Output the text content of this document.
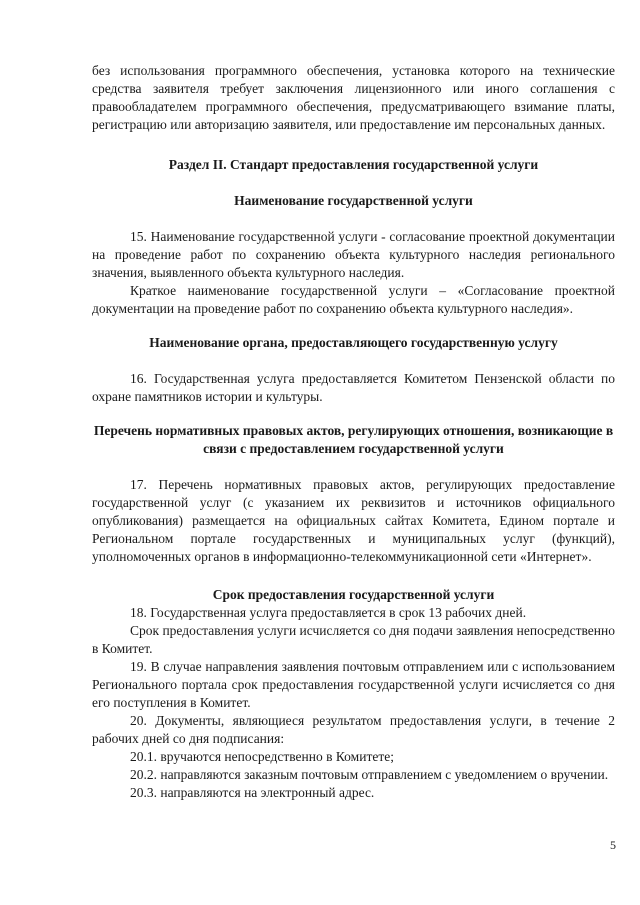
без использования программного обеспечения, установка которого на технические средства заявителя требует заключения лицензионного или иного соглашения с правообладателем программного обеспечения, предусматривающего взимание платы, регистрацию или авторизацию заявителя, или предоставление им персональных данных.

Раздел II. Стандарт предоставления государственной услуги

Наименование государственной услуги

15. Наименование государственной услуги - согласование проектной документации на проведение работ по сохранению объекта культурного наследия регионального значения, выявленного объекта культурного наследия.

Краткое наименование государственной услуги – «Согласование проектной документации на проведение работ по сохранению объекта культурного наследия».

Наименование органа, предоставляющего государственную услугу

16. Государственная услуга предоставляется Комитетом Пензенской области по охране памятников истории и культуры.

Перечень нормативных правовых актов, регулирующих отношения, возникающие в связи с предоставлением государственной услуги

17. Перечень нормативных правовых актов, регулирующих предоставление государственной услуг (с указанием их реквизитов и источников официального опубликования) размещается на официальных сайтах Комитета, Едином портале и Региональном портале государственных и муниципальных услуг (функций), уполномоченных органов в информационно-телекоммуникационной сети «Интернет».

Срок предоставления государственной услуги

18. Государственная услуга предоставляется в срок 13 рабочих дней.

Срок предоставления услуги исчисляется со дня подачи заявления непосредственно в Комитет.

19. В случае направления заявления почтовым отправлением или с использованием Регионального портала срок предоставления государственной услуги исчисляется со дня его поступления в Комитет.

20. Документы, являющиеся результатом предоставления услуги, в течение 2 рабочих дней со дня подписания:

20.1. вручаются непосредственно в Комитете;

20.2. направляются заказным почтовым отправлением с уведомлением о вручении.

20.3. направляются на электронный адрес.

5
